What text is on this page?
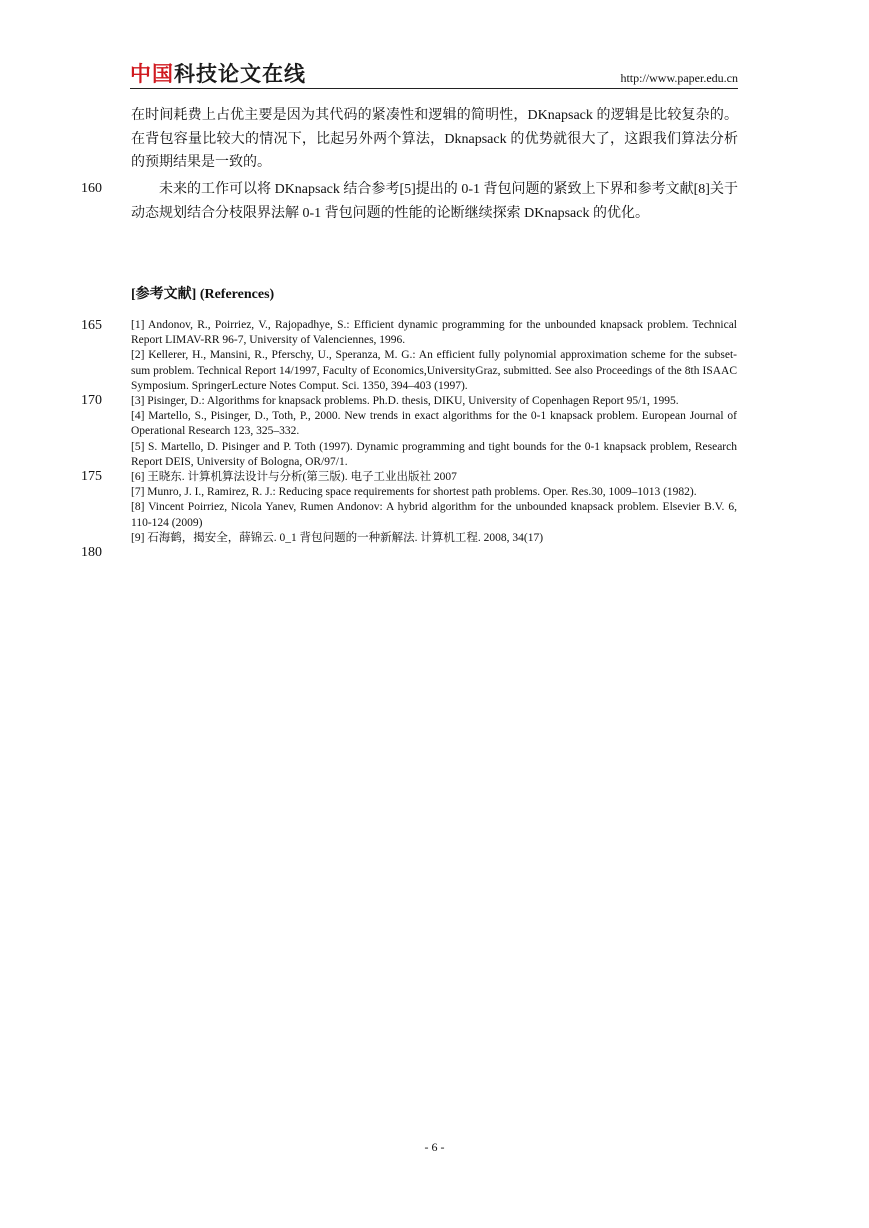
中国科技论文在线	http://www.paper.edu.cn

在时间耗费上占优主要是因为其代码的紧凑性和逻辑的简明性，DKnapsack 的逻辑是比较复杂的。在背包容量比较大的情况下，比起另外两个算法，Dknapsack 的优势就很大了，这跟我们算法分析的预期结果是一致的。

未来的工作可以将 DKnapsack 结合参考[5]提出的 0-1 背包问题的紧致上下界和参考文献[8]关于动态规划结合分枝限界法解 0-1 背包问题的性能的论断继续探索 DKnapsack 的优化。

160
165
170
175
180
[参考文献] (References)
[1] Andonov, R., Poirriez, V., Rajopadhye, S.: Efficient dynamic programming for the unbounded knapsack problem. Technical Report LIMAV-RR 96-7, University of Valenciennes, 1996.
[2] Kellerer, H., Mansini, R., Pferschy, U., Speranza, M. G.: An efficient fully polynomial approximation scheme for the subset-sum problem. Technical Report 14/1997, Faculty of Economics,UniversityGraz, submitted. See also Proceedings of the 8th ISAAC Symposium. SpringerLecture Notes Comput. Sci. 1350, 394–403 (1997).
[3] Pisinger, D.: Algorithms for knapsack problems. Ph.D. thesis, DIKU, University of Copenhagen Report 95/1, 1995.
[4] Martello, S., Pisinger, D., Toth, P., 2000. New trends in exact algorithms for the 0-1 knapsack problem. European Journal of Operational Research 123, 325–332.
[5] S. Martello, D. Pisinger and P. Toth (1997). Dynamic programming and tight bounds for the 0-1 knapsack problem, Research Report DEIS, University of Bologna, OR/97/1.
[6] 王晓东. 计算机算法设计与分析(第三版). 电子工业出版社 2007
[7] Munro, J. I., Ramirez, R. J.: Reducing space requirements for shortest path problems. Oper. Res.30, 1009–1013 (1982).
[8] Vincent Poirriez, Nicola Yanev, Rumen Andonov: A hybrid algorithm for the unbounded knapsack problem. Elsevier B.V. 6, 110-124 (2009)
[9] 石海鹤，揭安全，薛锦云. 0_1 背包问题的一种新解法. 计算机工程. 2008, 34(17)
- 6 -
